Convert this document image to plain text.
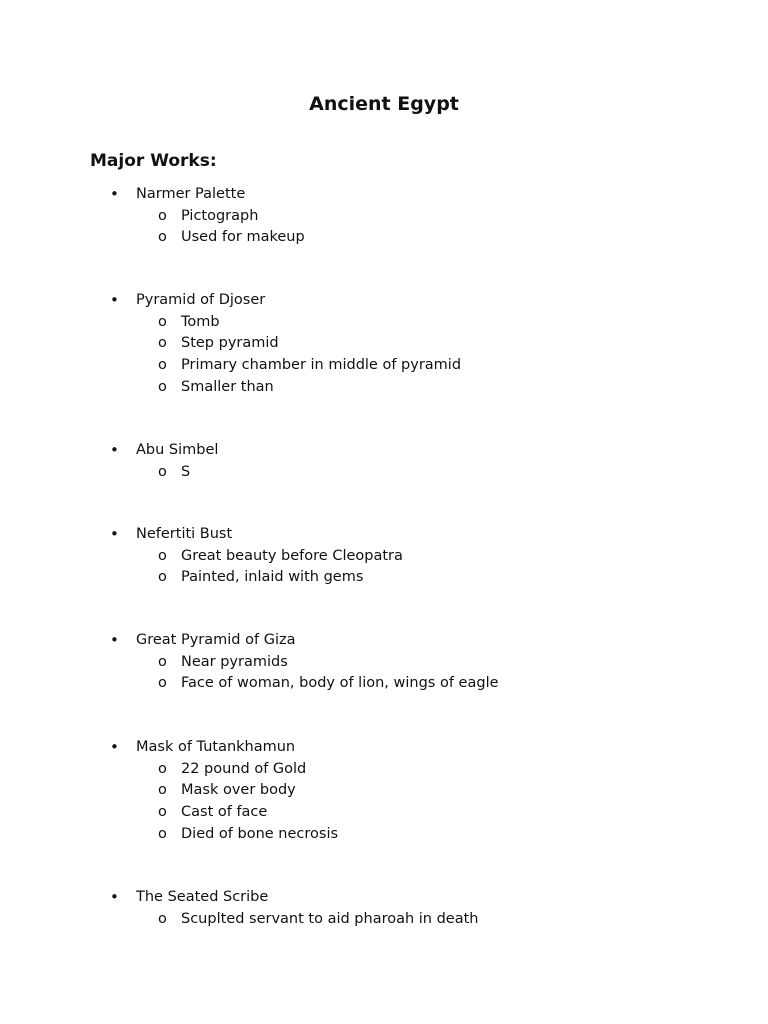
Ancient Egypt
Major Works:
• Narmer Palette
o Pictograph
o Used for makeup
• Pyramid of Djoser
o Tomb
o Step pyramid
o Primary chamber in middle of pyramid
o Smaller than
• Abu Simbel
o S
• Nefertiti Bust
o Great beauty before Cleopatra
o Painted, inlaid with gems
• Great Pyramid of Giza
o Near pyramids
o Face of woman, body of lion, wings of eagle
• Mask of Tutankhamun
o 22 pound of Gold
o Mask over body
o Cast of face
o Died of bone necrosis
• The Seated Scribe
o Scuplted servant to aid pharoah in death
